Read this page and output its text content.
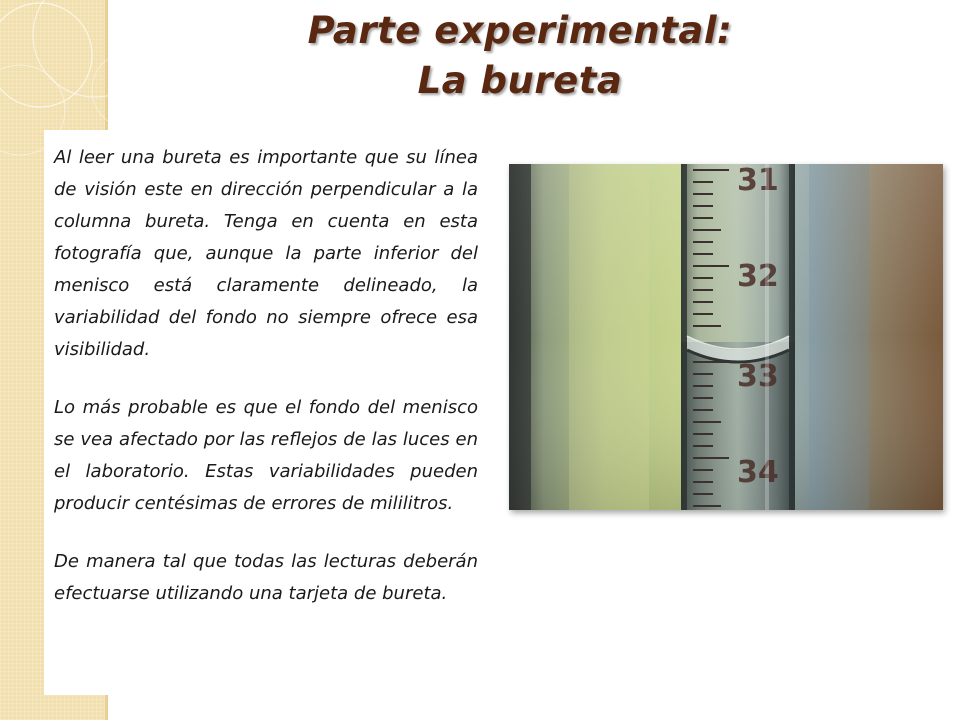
Parte experimental:
La bureta

Al leer una bureta es importante que su línea de visión este en dirección perpendicular a la columna bureta. Tenga en cuenta en esta fotografía que, aunque la parte inferior del menisco está claramente delineado, la variabilidad del fondo no siempre ofrece esa visibilidad.

Lo más probable es que el fondo del menisco se vea afectado por las reflejos de las luces en el laboratorio. Estas variabilidades pueden producir centésimas de errores de mililitros.

De manera tal que todas las lecturas deberán efectuarse utilizando una tarjeta de bureta.

31
32
33
34
